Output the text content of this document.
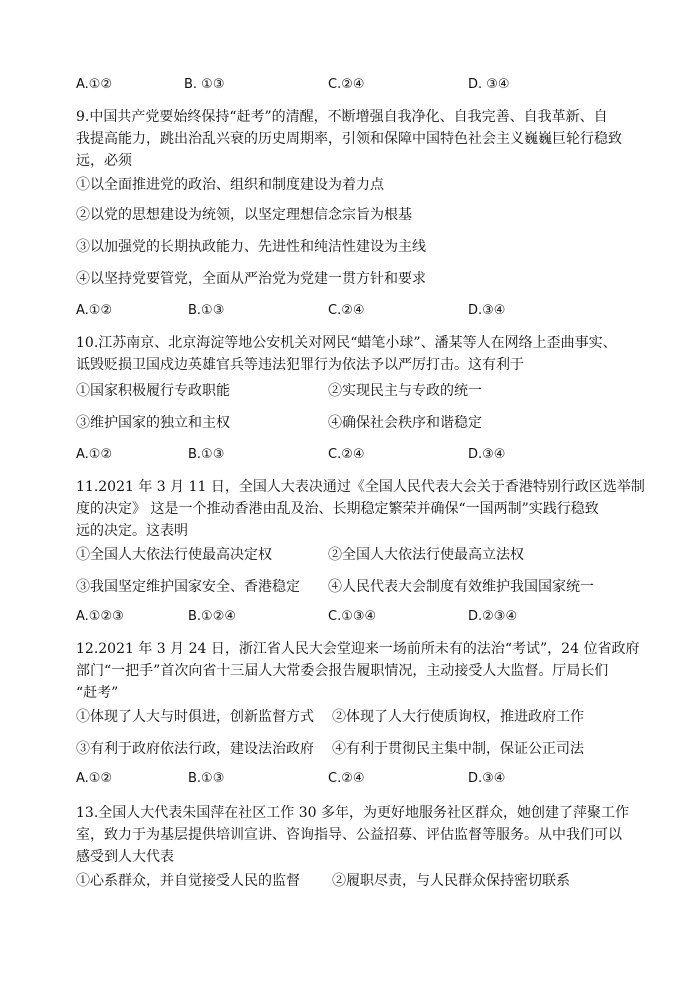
A.①②	B. ①③	C.②④	D. ③④
9.中国共产党要始终保持“赶考”的清醒，不断增强自我净化、自我完善、自我革新、自
我提高能力，跳出治乱兴衰的历史周期率，引领和保障中国特色社会主义巍巍巨轮行稳致
远，必须
①以全面推进党的政治、组织和制度建设为着力点
②以党的思想建设为统领，以坚定理想信念宗旨为根基
③以加强党的长期执政能力、先进性和纯洁性建设为主线
④以坚持党要管党，全面从严治党为党建一贯方针和要求
A.①②	B.①③	C.②④	D.③④
10.江苏南京、北京海淀等地公安机关对网民“蜡笔小球”、潘某等人在网络上歪曲事实、
诋毁贬损卫国戍边英雄官兵等违法犯罪行为依法予以严厉打击。这有利于
①国家积极履行专政职能	②实现民主与专政的统一
③维护国家的独立和主权	④确保社会秩序和谐稳定
A.①②	B.①③	C.②④	D.③④
11.2021 年 3 月 11 日，全国人大表决通过《全国人民代表大会关于香港特别行政区选举制
度的决定》 这是一个推动香港由乱及治、长期稳定繁荣并确保“一国两制”实践行稳致
远的决定。这表明
①全国人大依法行使最高决定权	②全国人大依法行使最高立法权
③我国坚定维护国家安全、香港稳定 ④人民代表大会制度有效维护我国国家统一
A.①②③	B.①②④	C.①③④	D.②③④
12.2021 年 3 月 24 日，浙江省人民大会堂迎来一场前所未有的法治“考试”，24 位省政府
部门“一把手”首次向省十三届人大常委会报告履职情况，主动接受人大监督。厅局长们
“赶考”
①体现了人大与时俱进，创新监督方式 ②体现了人大行使质询权，推进政府工作
③有利于政府依法行政，建设法治政府 ④有利于贯彻民主集中制，保证公正司法
A.①②	B.①③	C.②④	D.③④
13.全国人大代表朱国萍在社区工作 30 多年，为更好地服务社区群众，她创建了萍聚工作
室，致力于为基层提供培训宣讲、咨询指导、公益招募、评估监督等服务。从中我们可以
感受到人大代表
①心系群众，并自觉接受人民的监督 ②履职尽责，与人民群众保持密切联系
